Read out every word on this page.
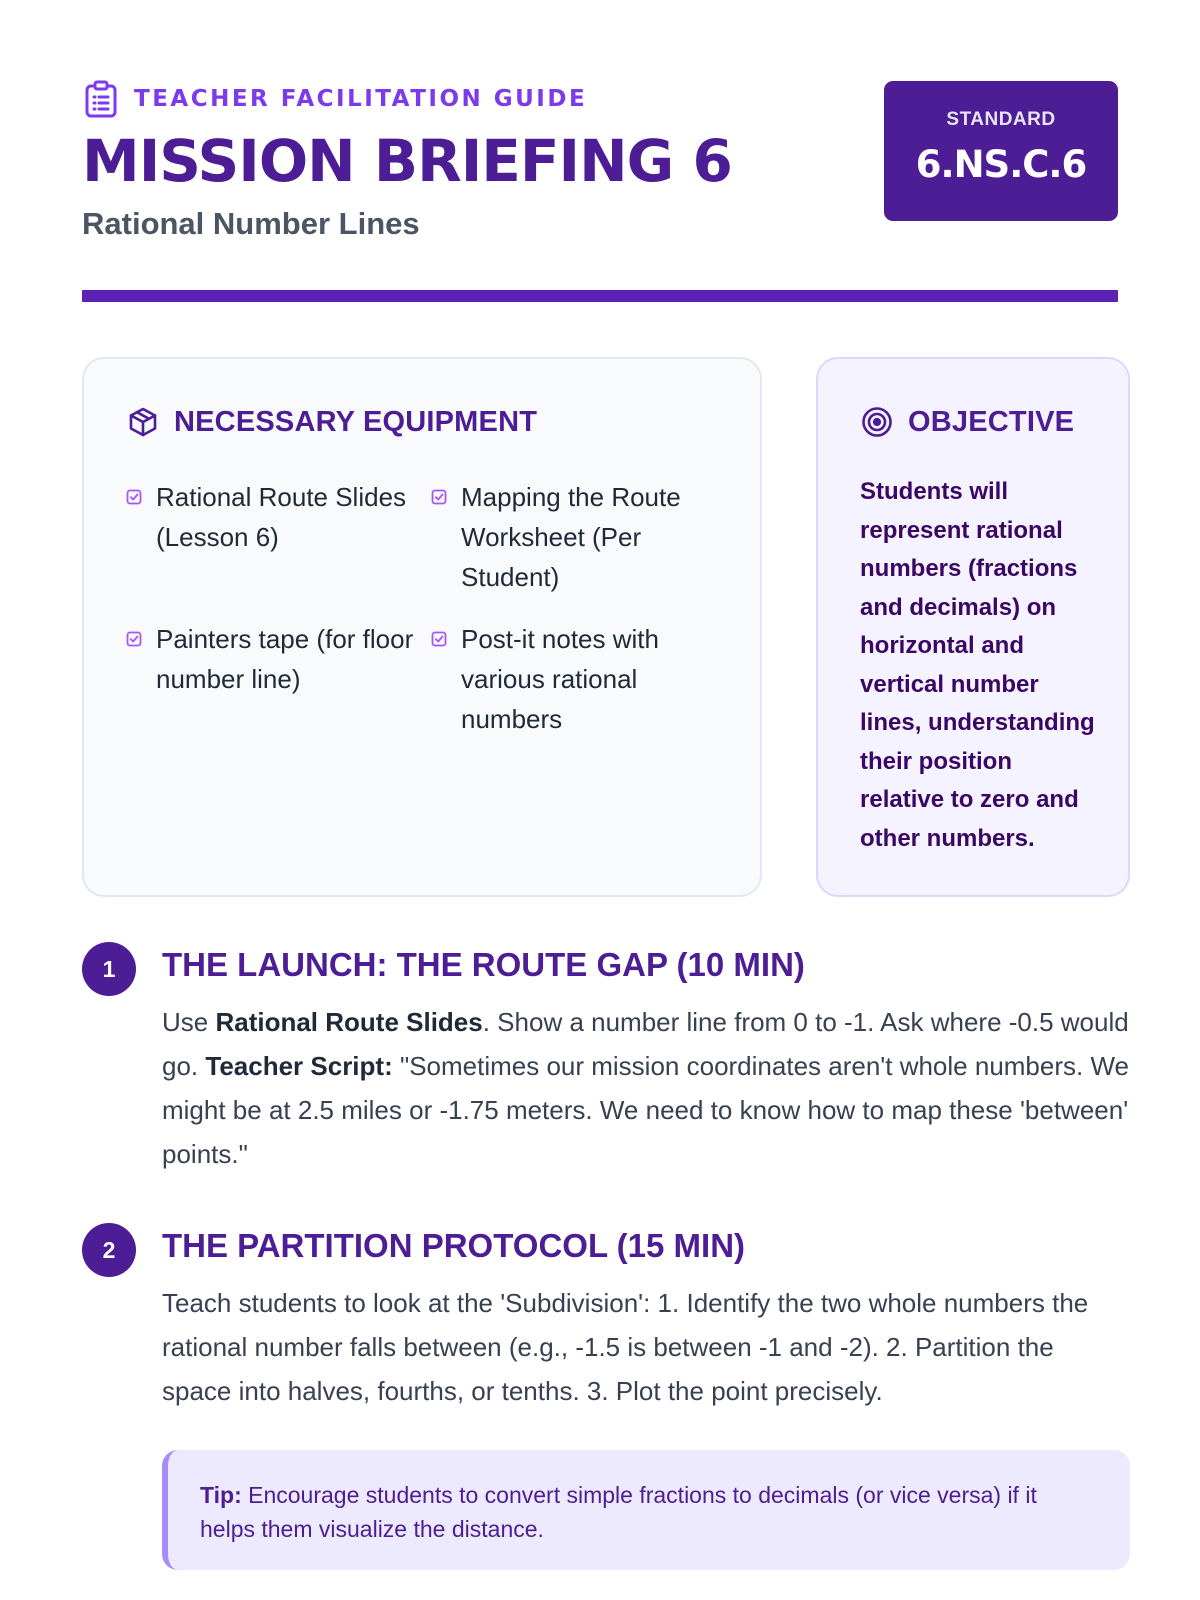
TEACHER FACILITATION GUIDE
MISSION BRIEFING 6
Rational Number Lines
STANDARD
6.NS.C.6
NECESSARY EQUIPMENT
Rational Route Slides (Lesson 6)
Mapping the Route Worksheet (Per Student)
Painters tape (for floor number line)
Post-it notes with various rational numbers
OBJECTIVE
Students will represent rational numbers (fractions and decimals) on horizontal and vertical number lines, understanding their position relative to zero and other numbers.
1	THE LAUNCH: THE ROUTE GAP (10 MIN)

Use Rational Route Slides. Show a number line from 0 to -1. Ask where -0.5 would go. Teacher Script: "Sometimes our mission coordinates aren't whole numbers. We might be at 2.5 miles or -1.75 meters. We need to know how to map these 'between' points."

2	THE PARTITION PROTOCOL (15 MIN)

Teach students to look at the 'Subdivision': 1. Identify the two whole numbers the rational number falls between (e.g., -1.5 is between -1 and -2). 2. Partition the space into halves, fourths, or tenths. 3. Plot the point precisely.

Tip: Encourage students to convert simple fractions to decimals (or vice versa) if it helps them visualize the distance.
